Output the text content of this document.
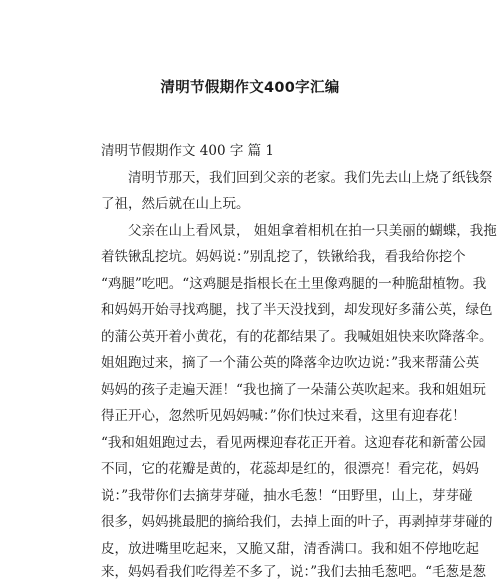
清明节假期作文400字汇编
清明节假期作文 400 字 篇 1
清明节那天，我们回到父亲的老家。我们先去山上烧了纸钱祭
了祖，然后就在山上玩。
父亲在山上看风景， 姐姐拿着相机在拍一只美丽的蝴蝶，我拖
着铁锹乱挖坑。妈妈说：”别乱挖了，铁锹给我，看我给你挖个
“鸡腿”吃吧。“这鸡腿是指根长在土里像鸡腿的一种脆甜植物。我
和妈妈开始寻找鸡腿，找了半天没找到，却发现好多蒲公英，绿色
的蒲公英开着小黄花，有的花都结果了。我喊姐姐快来吹降落伞。
姐姐跑过来，摘了一个蒲公英的降落伞边吹边说：”我来帮蒲公英
妈妈的孩子走遍天涯！“我也摘了一朵蒲公英吹起来。我和姐姐玩
得正开心，忽然听见妈妈喊：”你们快过来看，这里有迎春花！
“我和姐姐跑过去，看见两棵迎春花正开着。这迎春花和新蕾公园
不同，它的花瓣是黄的，花蕊却是红的，很漂亮！看完花，妈妈
说：”我带你们去摘芽芽碰，抽水毛葱！“田野里，山上，芽芽碰
很多，妈妈挑最肥的摘给我们，去掉上面的叶子，再剥掉芽芽碰的
皮，放进嘴里吃起来，又脆又甜，清香满口。我和姐不停地吃起
来，妈妈看我们吃得差不多了，说：”我们去抽毛葱吧。“毛葱是葱
